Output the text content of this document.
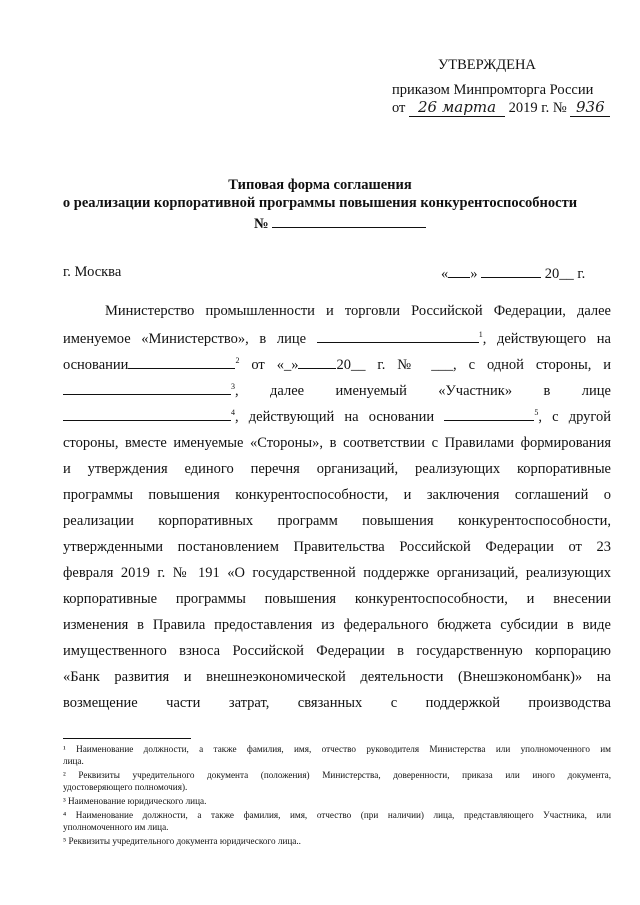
УТВЕРЖДЕНА
приказом Минпромторга России
от 26 марта 2019 г. № 936
Типовая форма соглашения
о реализации корпоративной программы повышения конкурентоспособности
№
г. Москва	« »	20__ г.
Министерство промышленности и торговли Российской Федерации, далее
именуемое «Министерство», в лице	$^1$, действующего на
основании	$^2$ от «_»	20__ г. № ___, с одной стороны, и
$^3$, далее именуемый «Участник» в лице
$^4$, действующий на основании	$^5$, с другой
стороны, вместе именуемые «Стороны», в соответствии с Правилами формирования
и утверждения единого перечня организаций, реализующих корпоративные
программы повышения конкурентоспособности, и заключения соглашений о
реализации корпоративных программ повышения конкурентоспособности,
утвержденными постановлением Правительства Российской Федерации от 23
февраля 2019 г. № 191 «О государственной поддержке организаций, реализующих
корпоративные программы повышения конкурентоспособности, и внесении
изменения в Правила предоставления из федерального бюджета субсидии в виде
имущественного взноса Российской Федерации в государственную корпорацию
«Банк развития и внешнеэкономической деятельности (Внешэкономбанк)» на
возмещение части затрат, связанных с поддержкой производства
¹ Наименование должности, а также фамилия, имя, отчество руководителя Министерства или уполномоченного им
лица.
² Реквизиты учредительного документа (положения) Министерства, доверенности, приказа или иного документа,
удостоверяющего полномочия).
³ Наименование юридического лица.
⁴ Наименование должности, а также фамилия, имя, отчество (при наличии) лица, представляющего Участника, или
уполномоченного им лица.
⁵ Реквизиты учредительного документа юридического лица..
